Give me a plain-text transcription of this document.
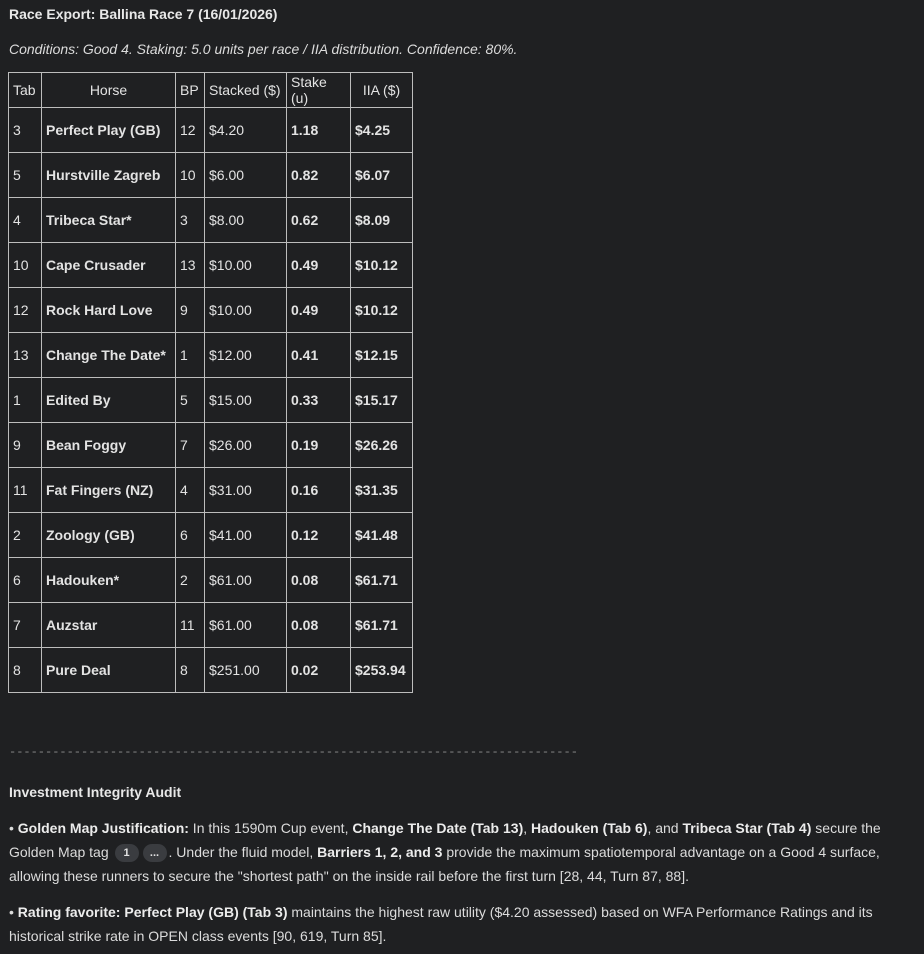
Race Export: Ballina Race 7 (16/01/2026)
Conditions: Good 4. Staking: 5.0 units per race / IIA distribution. Confidence: 80%.
Tab	Horse	BP	Stacked ($)	Stake (u)	IIA ($)
3	Perfect Play (GB)	12	$4.20	1.18	$4.25
5	Hurstville Zagreb	10	$6.00	0.82	$6.07
4	Tribeca Star*	3	$8.00	0.62	$8.09
10	Cape Crusader	13	$10.00	0.49	$10.12
12	Rock Hard Love	9	$10.00	0.49	$10.12
13	Change The Date*	1	$12.00	0.41	$12.15
1	Edited By	5	$15.00	0.33	$15.17
9	Bean Foggy	7	$26.00	0.19	$26.26
11	Fat Fingers (NZ)	4	$31.00	0.16	$31.35
2	Zoology (GB)	6	$41.00	0.12	$41.48
6	Hadouken*	2	$61.00	0.08	$61.71
7	Auzstar	11	$61.00	0.08	$61.71
8	Pure Deal	8	$251.00	0.02	$253.94
-------------------------------------------------------------------------------
Investment Integrity Audit
• Golden Map Justification: In this 1590m Cup event, Change The Date (Tab 13), Hadouken (Tab 6), and Tribeca Star (Tab 4) secure the Golden Map tag 1 ... . Under the fluid model, Barriers 1, 2, and 3 provide the maximum spatiotemporal advantage on a Good 4 surface, allowing these runners to secure the "shortest path" on the inside rail before the first turn [28, 44, Turn 87, 88].
• Rating favorite: Perfect Play (GB) (Tab 3) maintains the highest raw utility ($4.20 assessed) based on WFA Performance Ratings and its historical strike rate in OPEN class events [90, 619, Turn 85].
